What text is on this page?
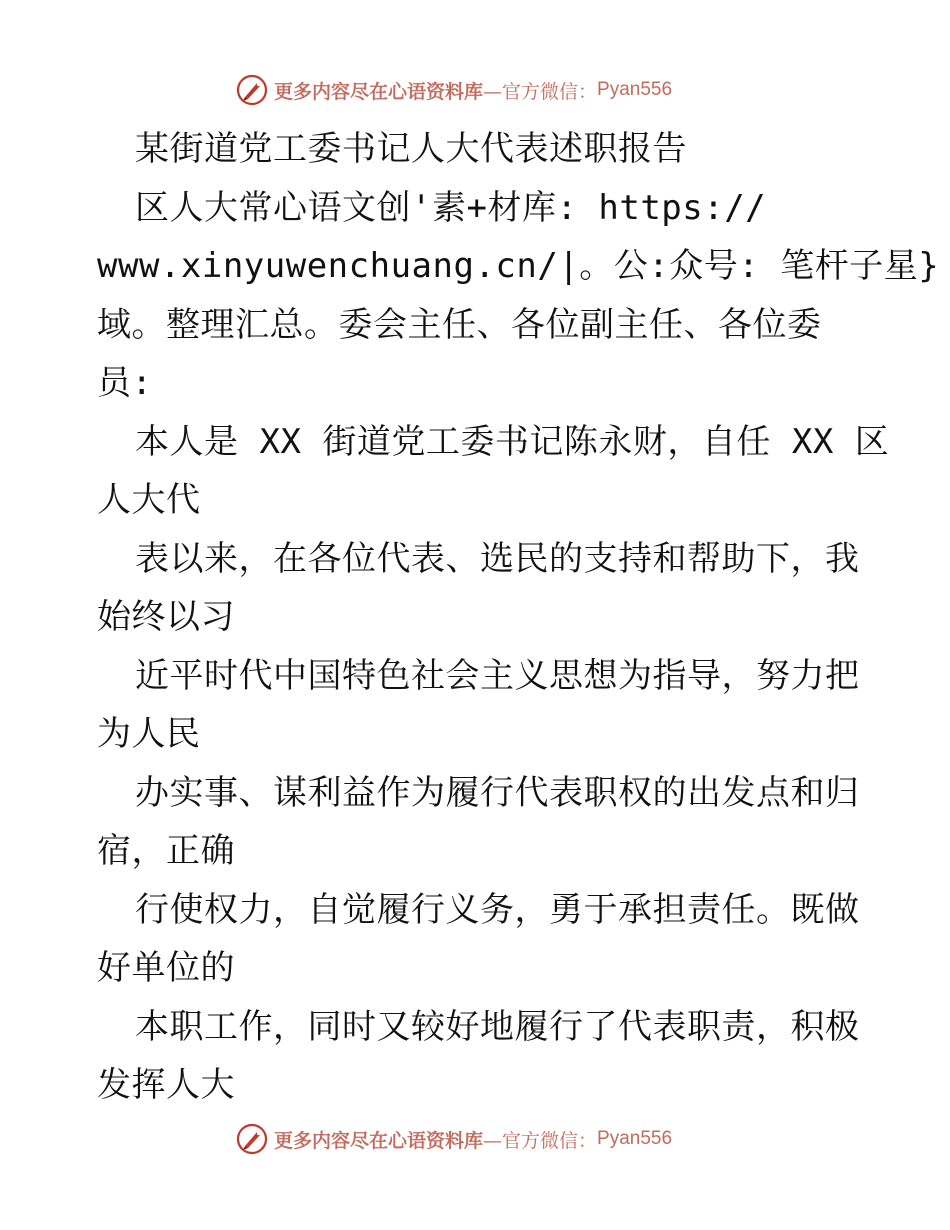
更多内容尽在心语资料库 —官方微信： Pyan556

某街道党工委书记人大代表述职报告

区人大常心语文创'素+材库: https://

www.xinyuwenchuang.cn/|。公:众号: 笔杆子星}

域。整理汇总。委会主任、各位副主任、各位委

员:

本人是 XX 街道党工委书记陈永财，自任 XX 区

人大代

表以来，在各位代表、选民的支持和帮助下，我

始终以习

近平时代中国特色社会主义思想为指导，努力把

为人民

办实事、谋利益作为履行代表职权的出发点和归

宿，正确

行使权力，自觉履行义务，勇于承担责任。既做

好单位的

本职工作，同时又较好地履行了代表职责，积极

发挥人大

更多内容尽在心语资料库 —官方微信： Pyan556
